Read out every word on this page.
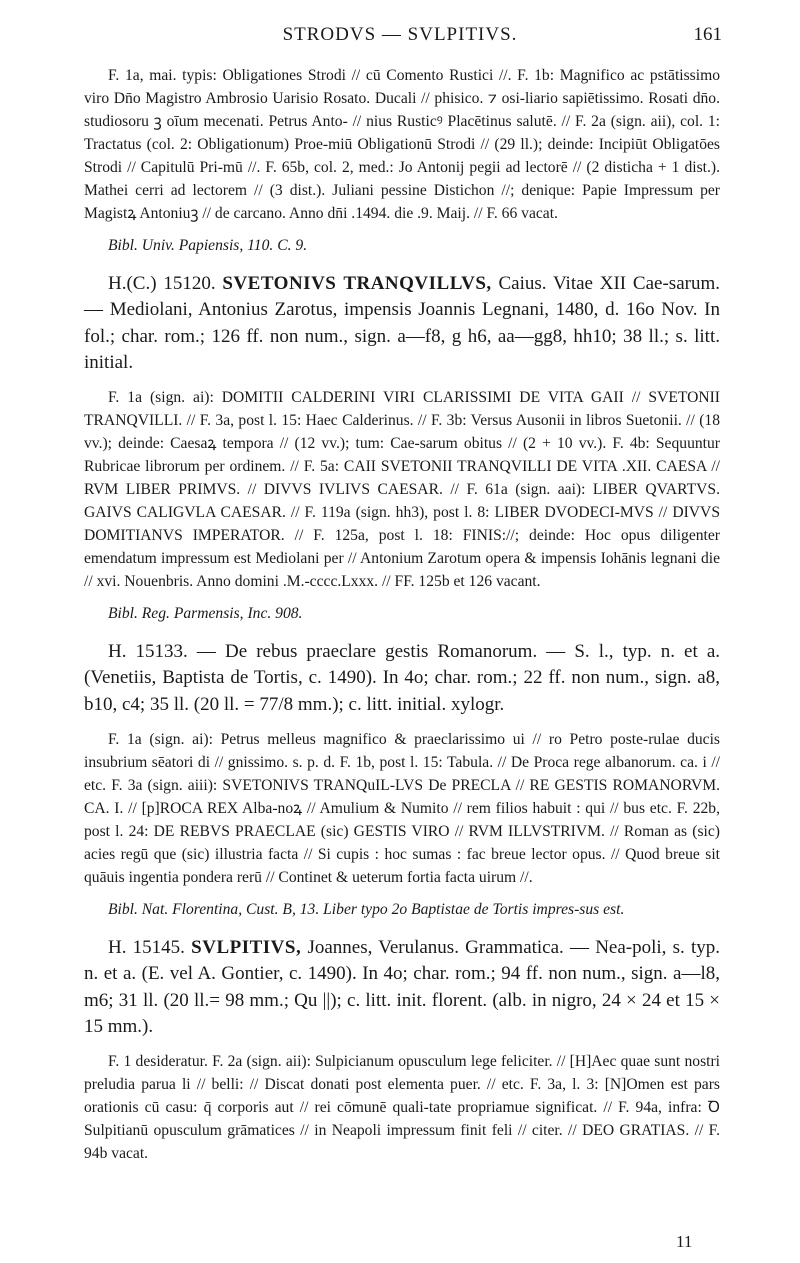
STRODVS — SVLPITIVS.	161

F. 1a, mai. typis: Obligationes Strodi // cū Comento Rustici //. F. 1b: Magnifico ac pstātissimo viro Dn̄o Magistro Ambrosio Uarisio Rosato. Ducali // phisico. ⁊ osi-liario sapiētissimo. Rosati dn̄o. studiosoru ꝫ oīum mecenati. Petrus Anto- // nius Rusticꝰ Placētinus salutē. // F. 2a (sign. aii), col. 1: Tractatus (col. 2: Obligationum) Proe-miū Obligationū Strodi // (29 ll.); deinde: Incipiūt Obligatōes Strodi // Capitulū Pri-mū //. F. 65b, col. 2, med.: Jo Antonij pegii ad lectorē // (2 disticha + 1 dist.). Mathei cerri ad lectorem // (3 dist.). Juliani pessine Distichon //; denique: Papie Impressum per Magistꝝ Antoniuꝫ // de carcano. Anno dn̄i .1494. die .9. Maij. // F. 66 vacat.

Bibl. Univ. Papiensis, 110. C. 9.

H.(C.) 15120. SVETONIVS TRANQVILLVS, Caius. Vitae XII Cae-sarum. — Mediolani, Antonius Zarotus, impensis Joannis Legnani, 1480, d. 16o Nov. In fol.; char. rom.; 126 ff. non num., sign. a—f8, g h6, aa—gg8, hh10; 38 ll.; s. litt. initial.

F. 1a (sign. ai): DOMITII CALDERINI VIRI CLARISSIMI DE VITA GAII // SVETONII TRANQVILLI. // F. 3a, post l. 15: Haec Calderinus. // F. 3b: Versus Ausonii in libros Suetonii. // (18 vv.); deinde: Caesaꝝ tempora // (12 vv.); tum: Cae-sarum obitus // (2 + 10 vv.). F. 4b: Sequuntur Rubricae librorum per ordinem. // F. 5a: CAII SVETONII TRANQVILLI DE VITA .XII. CAESA // RVM LIBER PRIMVS. // DIVVS IVLIVS CAESAR. // F. 61a (sign. aai): LIBER QVARTVS. GAIVS CALIGVLA CAESAR. // F. 119a (sign. hh3), post l. 8: LIBER DVODECI-MVS // DIVVS DOMITIANVS IMPERATOR. // F. 125a, post l. 18: FINIS://; deinde: Hoc opus diligenter emendatum impressum est Mediolani per // Antonium Zarotum opera & impensis Iohānis legnani die // xvi. Nouenbris. Anno domini .M.-cccc.Lxxx. // FF. 125b et 126 vacant.

Bibl. Reg. Parmensis, Inc. 908.

H. 15133. — De rebus praeclare gestis Romanorum. — S. l., typ. n. et a. (Venetiis, Baptista de Tortis, c. 1490). In 4o; char. rom.; 22 ff. non num., sign. a8, b10, c4; 35 ll. (20 ll. = 77/8 mm.); c. litt. initial. xylogr.

F. 1a (sign. ai): Petrus melleus magnifico & praeclarissimo ui // ro Petro poste-rulae ducis insubrium sēatori di // gnissimo. s. p. d. F. 1b, post l. 15: Tabula. // De Proca rege albanorum. ca. i // etc. F. 3a (sign. aiii): SVETONIVS TRANQuIL-LVS De PRECLA // RE GESTIS ROMANORVM. CA. I. // [p]ROCA REX Alba-noꝝ // Amulium & Numito // rem filios habuit : qui // bus etc. F. 22b, post l. 24: DE REBVS PRAECLAE (sic) GESTIS VIRO // RVM ILLVSTRIVM. // Roman as (sic) acies regū que (sic) illustria facta // Si cupis : hoc sumas : fac breue lector opus. // Quod breue sit quāuis ingentia pondera rerū // Continet & ueterum fortia facta uirum //.

Bibl. Nat. Florentina, Cust. B, 13. Liber typo 2o Baptistae de Tortis impres-sus est.

H. 15145. SVLPITIVS, Joannes, Verulanus. Grammatica. — Nea-poli, s. typ. n. et a. (E. vel A. Gontier, c. 1490). In 4o; char. rom.; 94 ff. non num., sign. a—l8, m6; 31 ll. (20 ll.= 98 mm.; Qu ||); c. litt. init. florent. (alb. in nigro, 24 × 24 et 15 × 15 mm.).

F. 1 desideratur. F. 2a (sign. aii): Sulpicianum opusculum lege feliciter. // [H]Aec quae sunt nostri preludia parua li // belli: // Discat donati post elementa puer. // etc. F. 3a, l. 3: [N]Omen est pars orationis cū casu: q̄ corporis aut // rei cōmunē quali-tate propriamue significat. // F. 94a, infra: Ꝺ Sulpitianū opusculum grāmatices // in Neapoli impressum finit feli // citer. // DEO GRATIAS. // F. 94b vacat.

11
